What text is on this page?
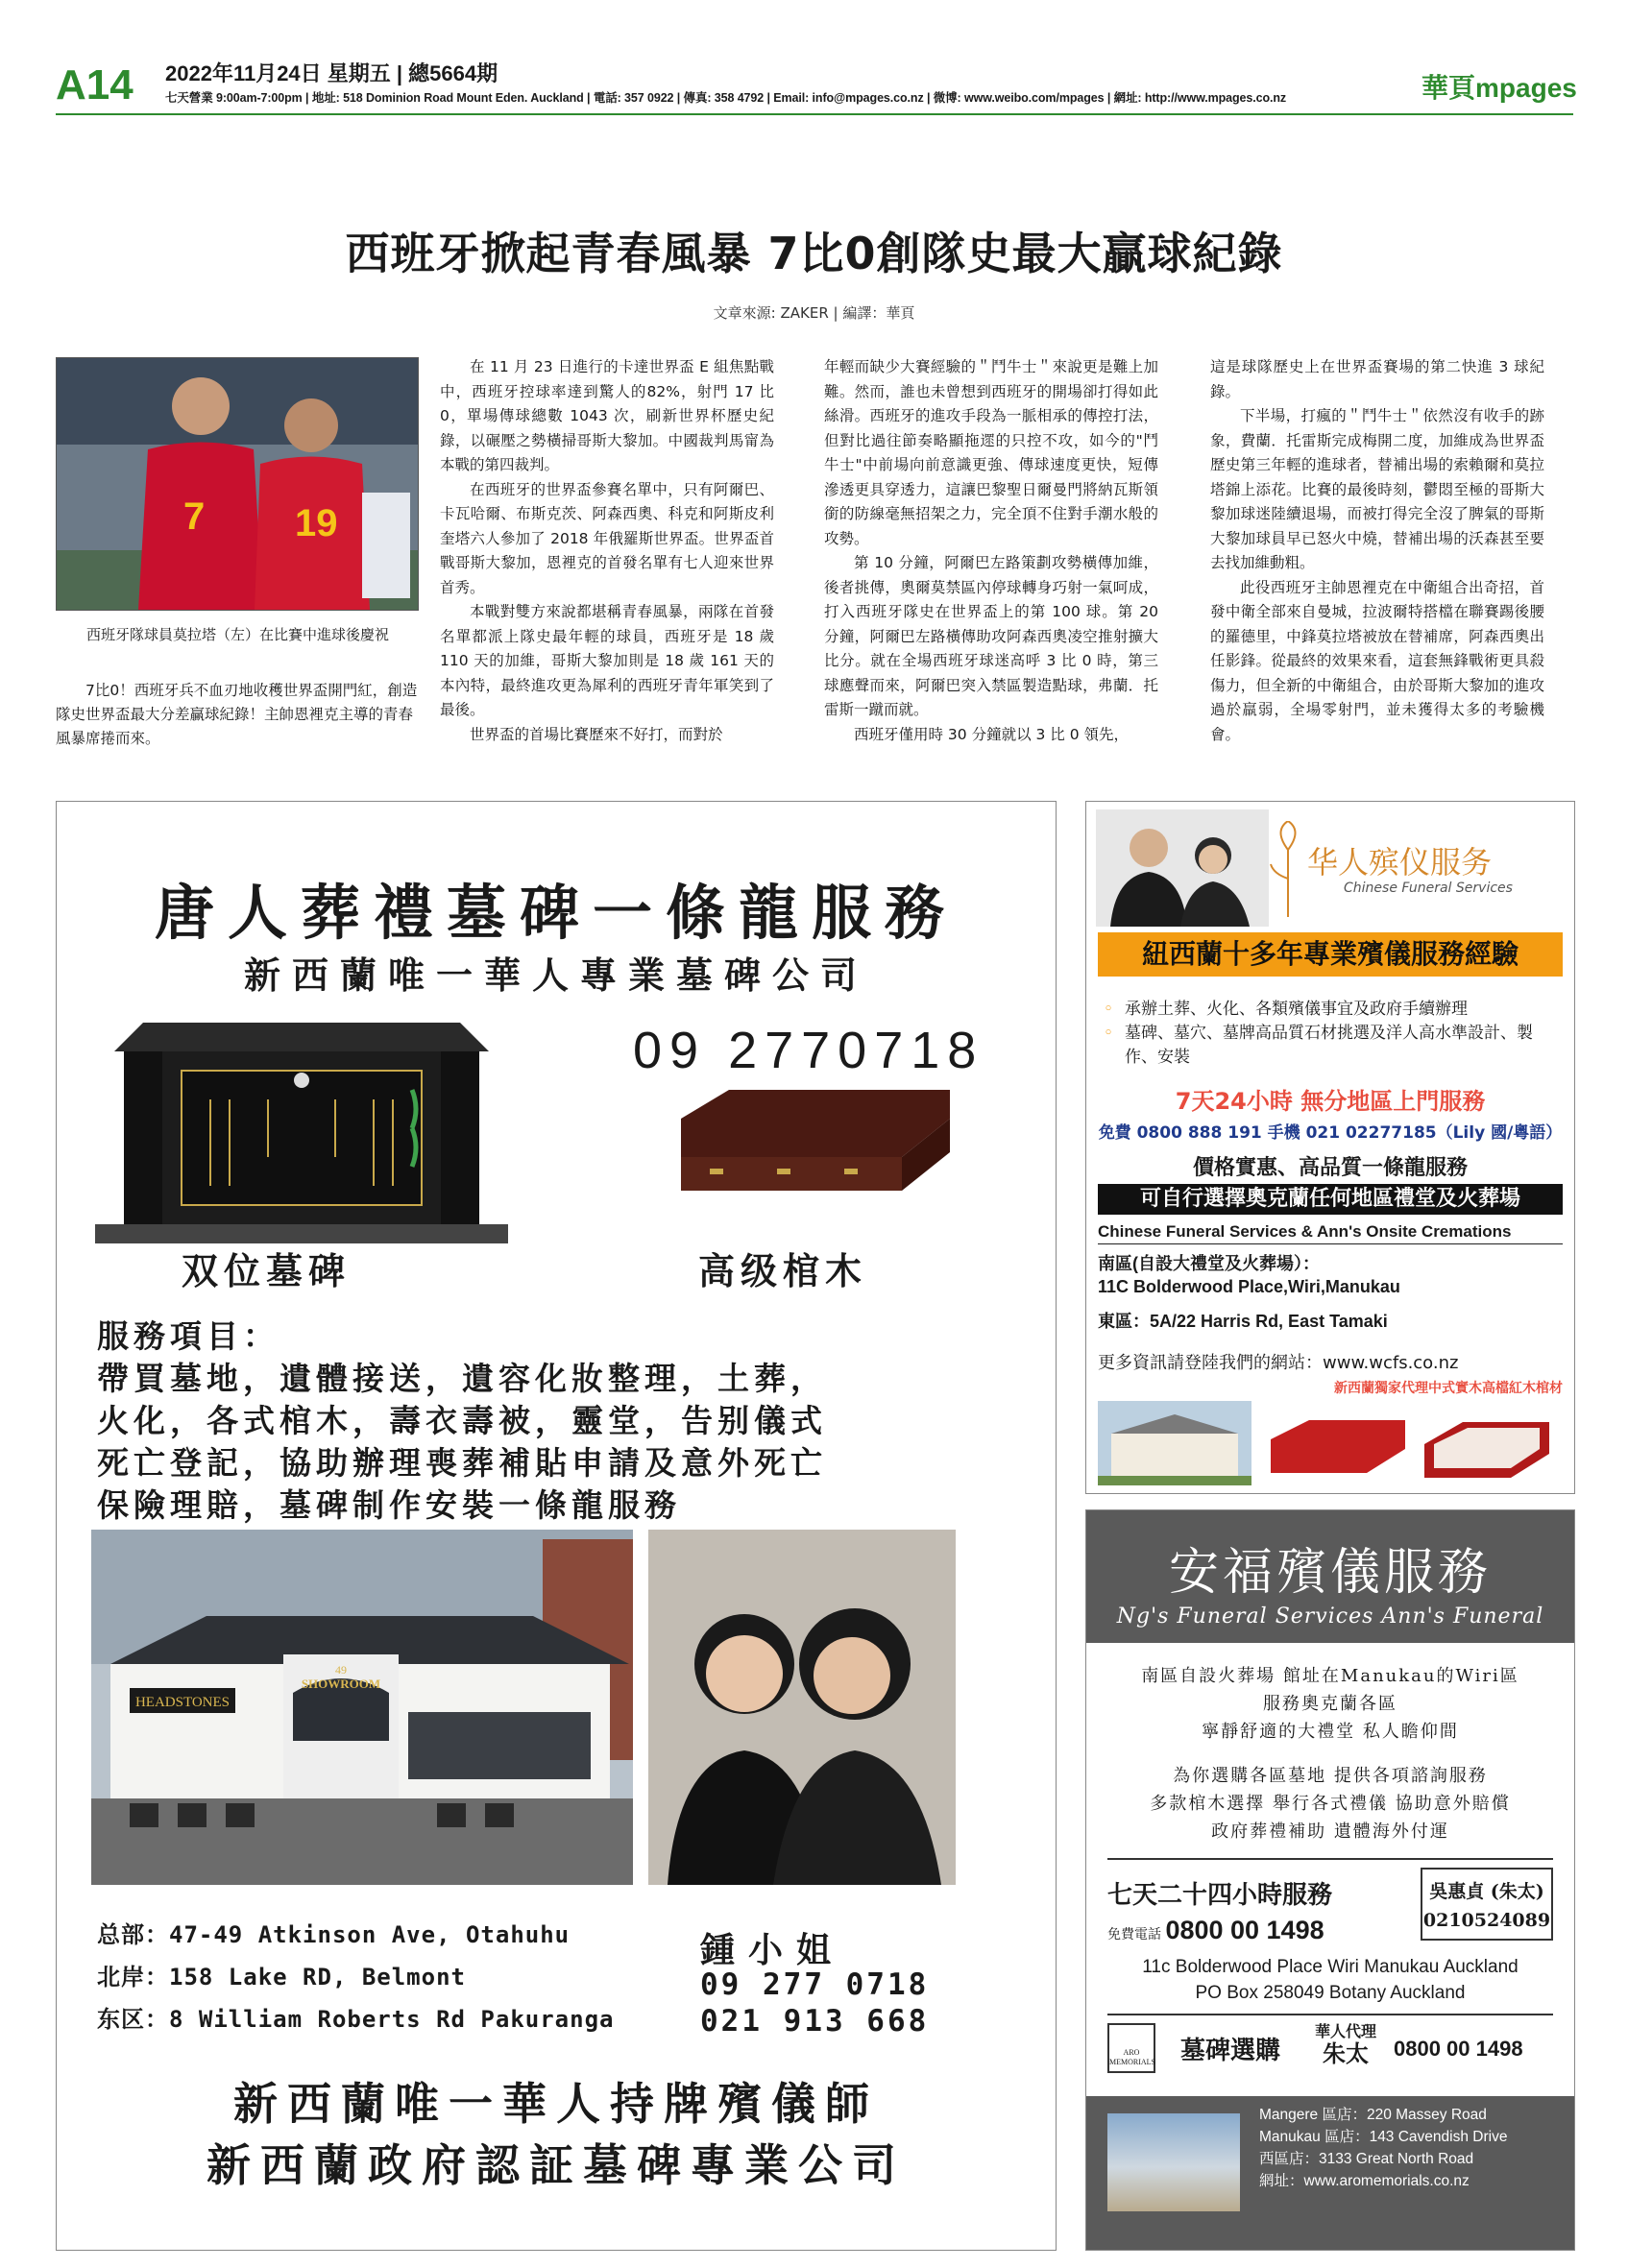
A14 2022年11月24日 星期五 | 總5664期
七天營業 9:00am-7:00pm | 地址: 518 Dominion Road Mount Eden. Auckland | 電話: 357 0922 | 傳真: 358 4792 | Email: info@mpages.co.nz | 微博: www.weibo.com/mpages | 網址: http://www.mpages.co.nz	華頁mpages
西班牙掀起青春風暴 7比0創隊史最大贏球紀錄
文章來源: ZAKER | 編譯：華頁
7 19
西班牙隊球員莫拉塔（左）在比賽中進球後慶祝
7比0！西班牙兵不血刃地收穫世界盃開門紅，創造隊史世界盃最大分差贏球紀錄！主帥恩裡克主導的青春風暴席捲而來。

在 11 月 23 日進行的卡達世界盃 E 組焦點戰中，西班牙控球率達到驚人的82%，射門 17 比 0，單場傳球總數 1043 次，刷新世界杯歷史紀錄，以碾壓之勢橫掃哥斯大黎加。中國裁判馬甯為本戰的第四裁判。

在西班牙的世界盃參賽名單中，只有阿爾巴、卡瓦哈爾、布斯克茨、阿森西奧、科克和阿斯皮利奎塔六人參加了 2018 年俄羅斯世界盃。世界盃首戰哥斯大黎加，恩裡克的首發名單有七人迎來世界首秀。

本戰對雙方來說都堪稱青春風暴，兩隊在首發名單都派上隊史最年輕的球員，西班牙是 18 歲 110 天的加維，哥斯大黎加則是 18 歲 161 天的本內特，最終進攻更為犀利的西班牙青年軍笑到了最後。

世界盃的首場比賽歷來不好打，而對於

年輕而缺少大賽經驗的＂鬥牛士＂來說更是難上加難。然而，誰也未曾想到西班牙的開場卻打得如此絲滑。西班牙的進攻手段為一脈相承的傳控打法，但對比過往節奏略顯拖遝的只控不攻，如今的"鬥牛士"中前場向前意識更強、傳球速度更快，短傳滲透更具穿透力，這讓巴黎聖日爾曼門將納瓦斯領銜的防線毫無招架之力，完全頂不住對手潮水般的攻勢。

第 10 分鐘，阿爾巴左路策劃攻勢橫傳加維，後者挑傳，奧爾莫禁區內停球轉身巧射一氣呵成，打入西班牙隊史在世界盃上的第 100 球。第 20 分鐘，阿爾巴左路橫傳助攻阿森西奧凌空推射擴大比分。就在全場西班牙球迷高呼 3 比 0 時，第三球應聲而來，阿爾巴突入禁區製造點球，弗蘭．托雷斯一蹴而就。

西班牙僅用時 30 分鐘就以 3 比 0 領先，

這是球隊歷史上在世界盃賽場的第二快進 3 球紀錄。

下半場，打瘋的＂鬥牛士＂依然沒有收手的跡象，費蘭．托雷斯完成梅開二度，加維成為世界盃歷史第三年輕的進球者，替補出場的索賴爾和莫拉塔錦上添花。比賽的最後時刻，鬱悶至極的哥斯大黎加球迷陸續退場，而被打得完全沒了脾氣的哥斯大黎加球員早已怒火中燒，替補出場的沃森甚至要去找加維動粗。

此役西班牙主帥恩裡克在中衛組合出奇招，首發中衛全部來自曼城，拉波爾特搭檔在聯賽踢後腰的羅德里，中鋒莫拉塔被放在替補席，阿森西奧出任影鋒。從最終的效果來看，這套無鋒戰術更具殺傷力，但全新的中衛組合，由於哥斯大黎加的進攻過於羸弱，全場零射門，並未獲得太多的考驗機會。

唐人葬禮墓碑一條龍服務
新西蘭唯一華人專業墓碑公司
09 2770718
双位墓碑	高级棺木
服務項目：
帶買墓地，遺體接送，遺容化妝整理，土葬，
火化，各式棺木，壽衣壽被，靈堂，告别儀式
死亡登記，協助辦理喪葬補貼申請及意外死亡
保險理賠，墓碑制作安裝一條龍服務
HEADSTONES
49
SHOWROOM
总部：47-49 Atkinson Ave, Otahuhu
北岸：158 Lake RD, Belmont
东区：8 William Roberts Rd Pakuranga
鍾小姐
09 277 0718
021 913 668
新西蘭唯一華人持牌殯儀師
新西蘭政府認証墓碑專業公司
华人殡仪服务
Chinese Funeral Services
紐西蘭十多年專業殯儀服務經驗
◦ 承辦土葬、火化、各類殯儀事宜及政府手續辦理
◦ 墓碑、墓穴、墓牌高品質石材挑選及洋人高水準設計、製作、安裝
7天24小時 無分地區上門服務
免費 0800 888 191 手機 021 02277185（Lily 國/粵語）
價格實惠、高品質一條龍服務
可自行選擇奧克蘭任何地區禮堂及火葬場
Chinese Funeral Services & Ann's Onsite Cremations
南區(自設大禮堂及火葬場）：
11C Bolderwood Place,Wiri,Manukau
東區：5A/22 Harris Rd, East Tamaki
更多資訊請登陸我們的網站：www.wcfs.co.nz
新西蘭獨家代理中式實木高檔紅木棺材
安福殯儀服務
Ng's Funeral Services Ann's Funeral
南區自設火葬場 館址在Manukau的Wiri區
服務奧克蘭各區
寧靜舒適的大禮堂 私人瞻仰間
為你選購各區墓地 提供各項諮詢服務
多款棺木選擇 舉行各式禮儀 協助意外賠償
政府葬禮補助 遺體海外付運
七天二十四小時服務
免費電話 0800 00 1498
吳惠貞 (朱太)
0210524089
11c Bolderwood Place Wiri Manukau Auckland
PO Box 258049 Botany Auckland
ARO MEMORIALS 墓碑選購
華人代理
朱太	0800 00 1498
Mangere 區店：220 Massey Road
Manukau 區店：143 Cavendish Drive
西區店：3133 Great North Road
網址：www.aromemorials.co.nz
